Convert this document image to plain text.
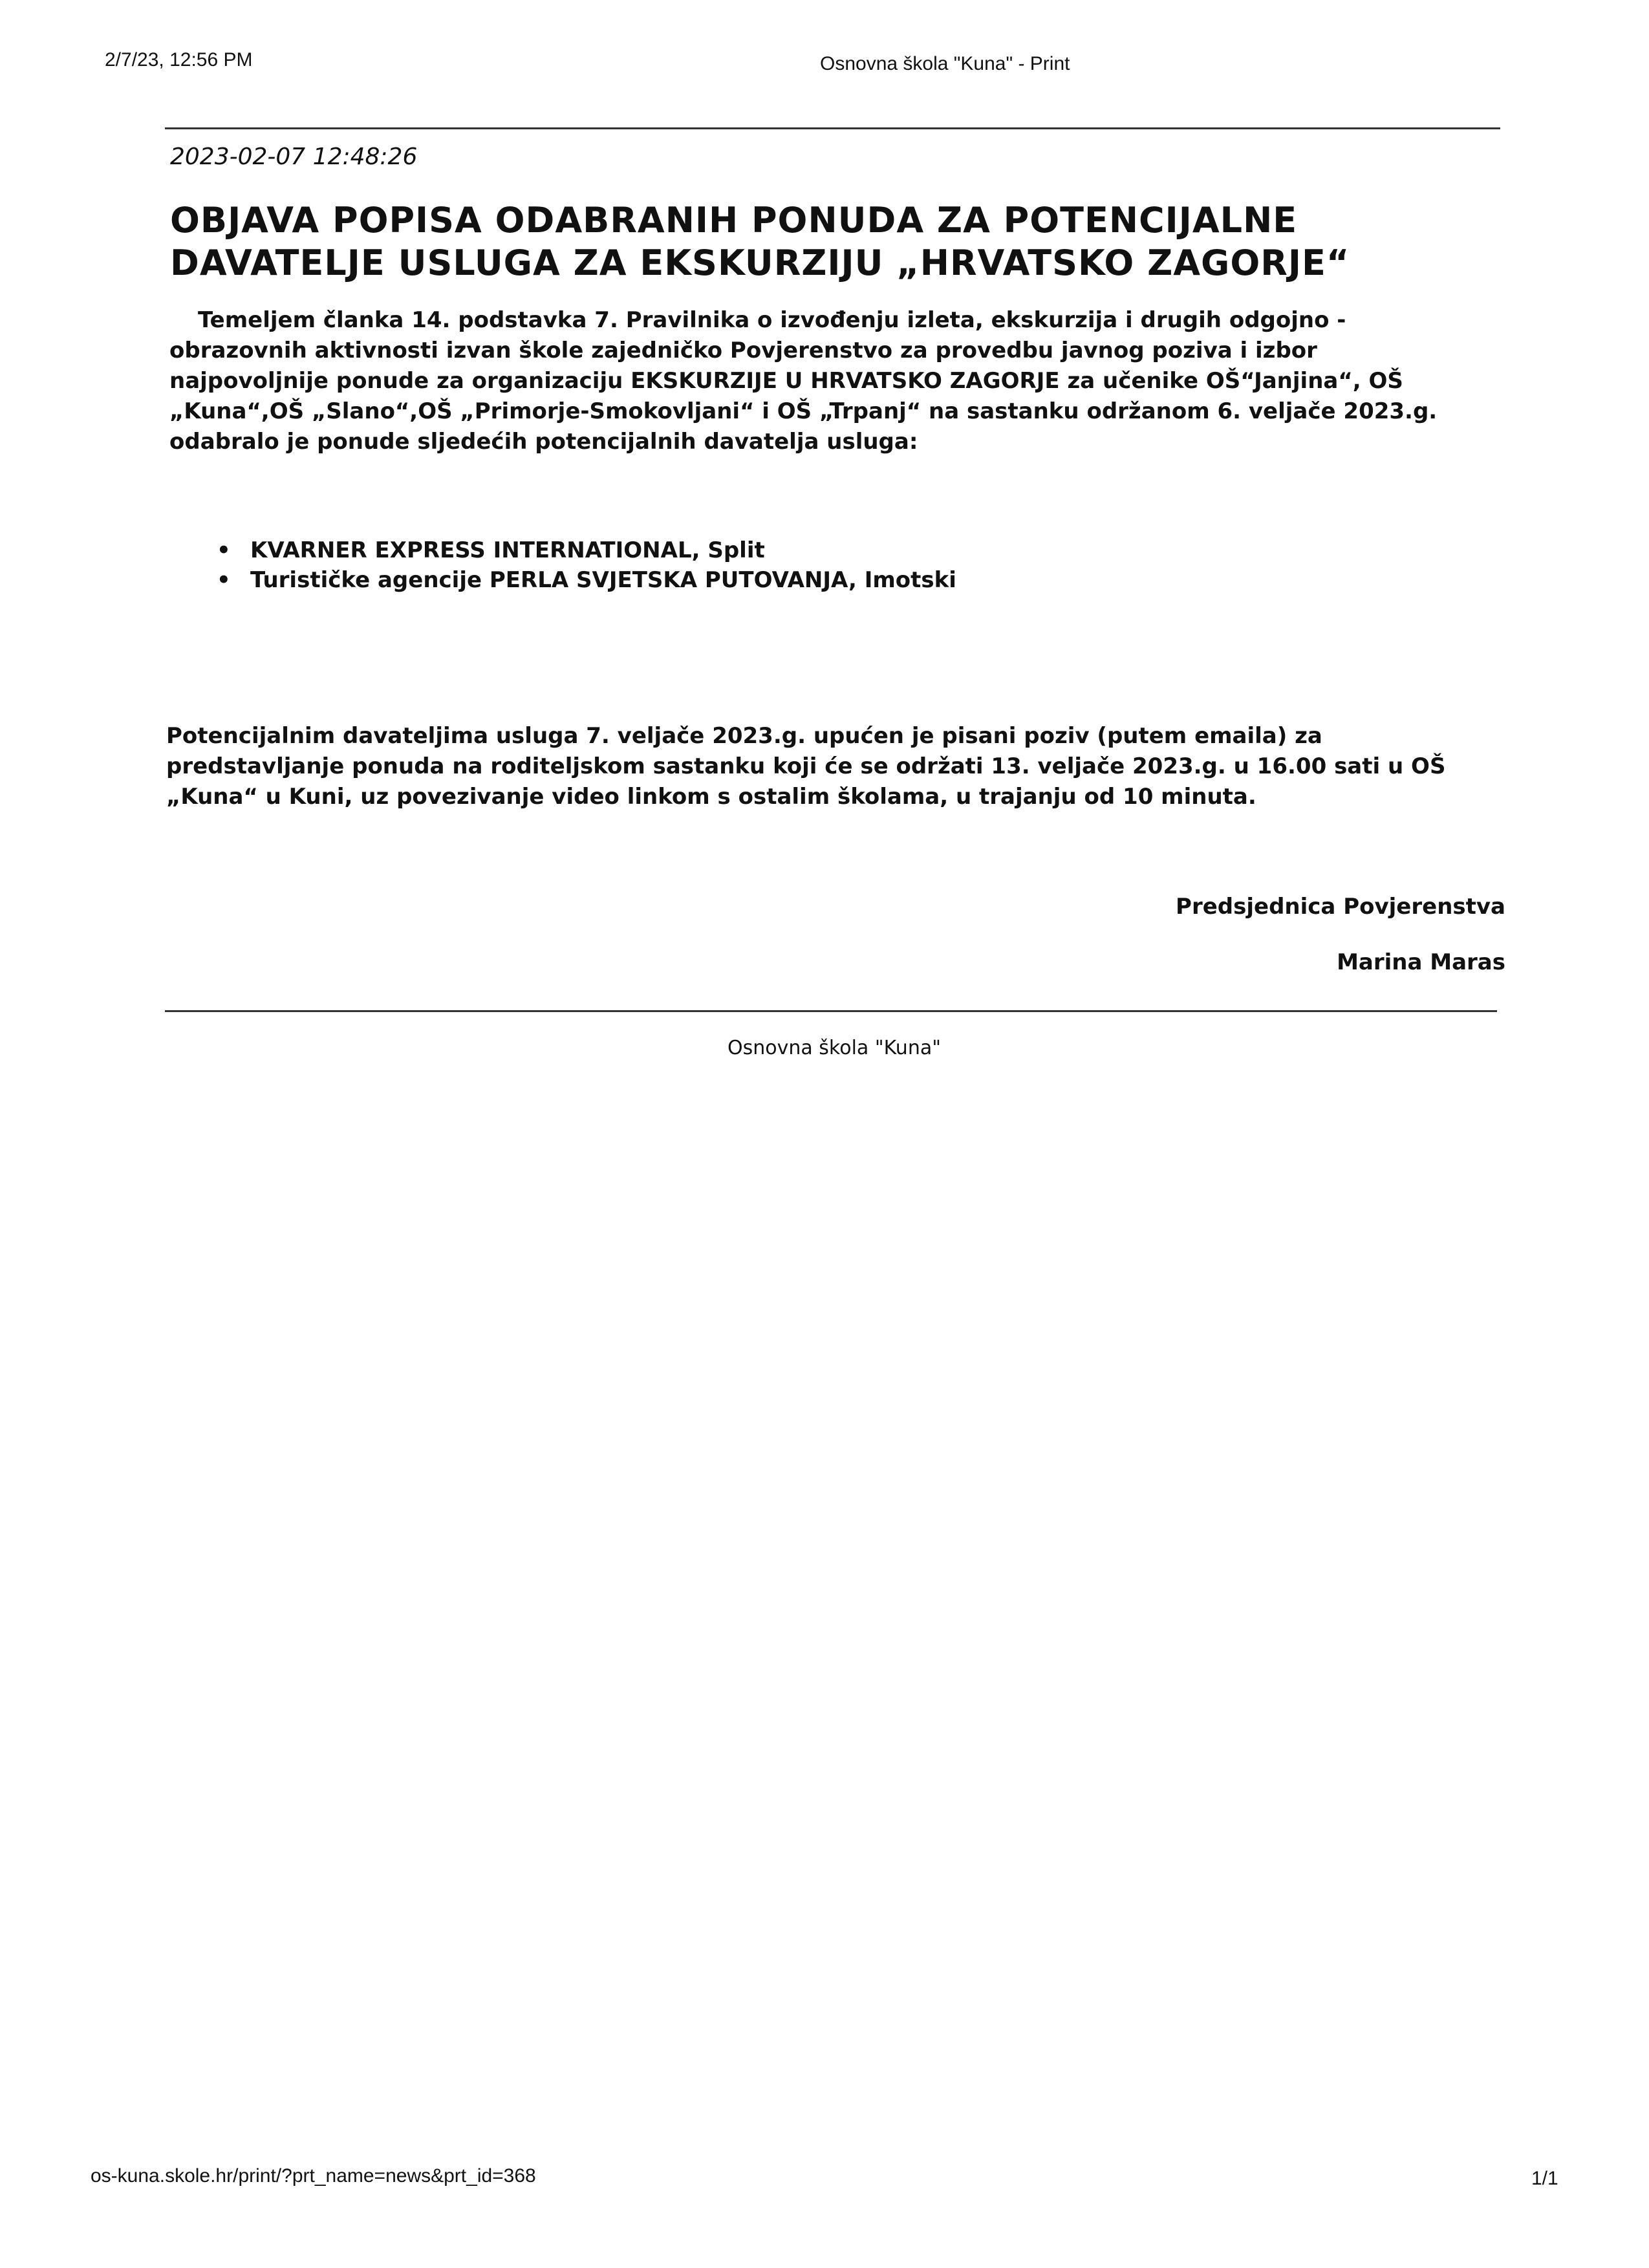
2/7/23, 12:56 PM	Osnovna škola "Kuna" - Print
2023-02-07 12:48:26
OBJAVA POPISA ODABRANIH PONUDA ZA POTENCIJALNE DAVATELJE USLUGA ZA EKSKURZIJU „HRVATSKO ZAGORJE“

Temeljem članka 14. podstavka 7. Pravilnika o izvođenju izleta, ekskurzija i drugih odgojno - obrazovnih aktivnosti izvan škole zajedničko Povjerenstvo za provedbu javnog poziva i izbor najpovoljnije ponude za organizaciju EKSKURZIJE U HRVATSKO ZAGORJE za učenike OŠ“Janjina“, OŠ „Kuna“,OŠ „Slano“,OŠ „Primorje-Smokovljani“ i OŠ „Trpanj“ na sastanku održanom 6. veljače 2023.g. odabralo je ponude sljedećih potencijalnih davatelja usluga:

• KVARNER EXPRESS INTERNATIONAL, Split
• Turističke agencije PERLA SVJETSKA PUTOVANJA, Imotski

Potencijalnim davateljima usluga 7. veljače 2023.g. upućen je pisani poziv (putem emaila) za predstavljanje ponuda na roditeljskom sastanku koji će se održati 13. veljače 2023.g. u 16.00 sati u OŠ „Kuna“ u Kuni, uz povezivanje video linkom s ostalim školama, u trajanju od 10 minuta.

Predsjednica Povjerenstva
Marina Maras
Osnovna škola "Kuna"
os-kuna.skole.hr/print/?prt_name=news&prt_id=368	1/1
